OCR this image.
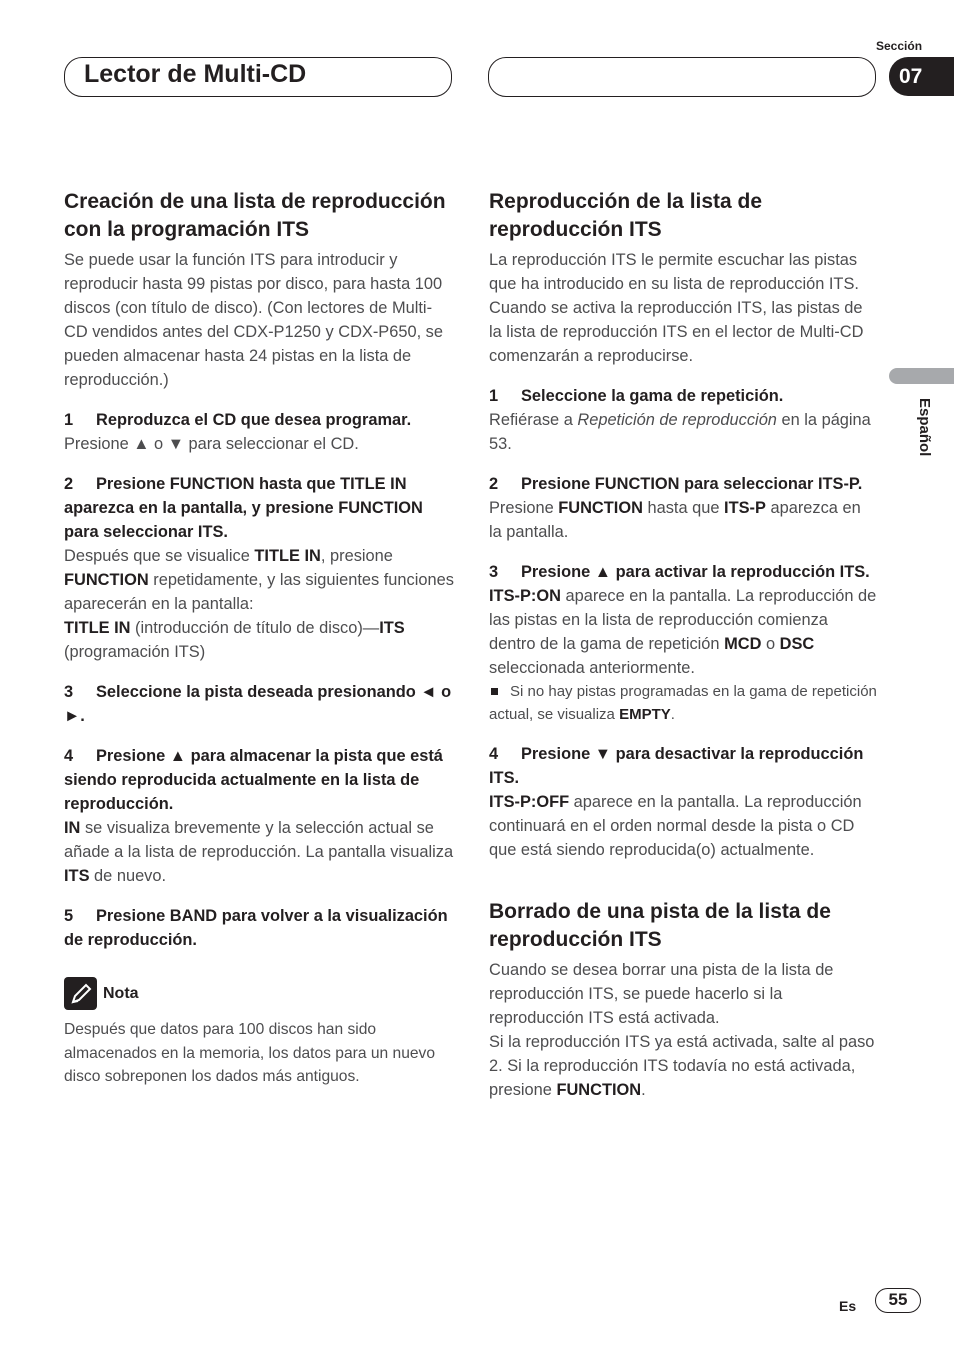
Lector de Multi-CD
Sección
07
Español

Creación de una lista de reproducción con la programación ITS

Se puede usar la función ITS para introducir y reproducir hasta 99 pistas por disco, para hasta 100 discos (con título de disco). (Con lectores de Multi-CD vendidos antes del CDX-P1250 y CDX-P650, se pueden almacenar hasta 24 pistas en la lista de reproducción.)

1 Reproduzca el CD que desea programar.

Presione ▲ o ▼ para seleccionar el CD.

2 Presione FUNCTION hasta que TITLE IN aparezca en la pantalla, y presione FUNCTION para seleccionar ITS.

Después que se visualice TITLE IN, presione FUNCTION repetidamente, y las siguientes funciones aparecerán en la pantalla:
TITLE IN (introducción de título de disco)—ITS (programación ITS)

3 Seleccione la pista deseada presionando ◄ o ►.

4 Presione ▲ para almacenar la pista que está siendo reproducida actualmente en la lista de reproducción.

IN se visualiza brevemente y la selección actual se añade a la lista de reproducción. La pantalla visualiza ITS de nuevo.

5 Presione BAND para volver a la visualización de reproducción.

Nota
Después que datos para 100 discos han sido almacenados en la memoria, los datos para un nuevo disco sobreponen los dados más antiguos.

Reproducción de la lista de reproducción ITS

La reproducción ITS le permite escuchar las pistas que ha introducido en su lista de reproducción ITS. Cuando se activa la reproducción ITS, las pistas de la lista de reproducción ITS en el lector de Multi-CD comenzarán a reproducirse.

1 Seleccione la gama de repetición.

Refiérase a Repetición de reproducción en la página 53.

2 Presione FUNCTION para seleccionar ITS-P.

Presione FUNCTION hasta que ITS-P aparezca en la pantalla.

3 Presione ▲ para activar la reproducción ITS.

ITS-P:ON aparece en la pantalla. La reproducción de las pistas en la lista de reproducción comienza dentro de la gama de repetición MCD o DSC seleccionada anteriormente.

Si no hay pistas programadas en la gama de repetición actual, se visualiza EMPTY.

4 Presione ▼ para desactivar la reproducción ITS.

ITS-P:OFF aparece en la pantalla. La reproducción continuará en el orden normal desde la pista o CD que está siendo reproducida(o) actualmente.

Borrado de una pista de la lista de reproducción ITS

Cuando se desea borrar una pista de la lista de reproducción ITS, se puede hacerlo si la reproducción ITS está activada.

Si la reproducción ITS ya está activada, salte al paso 2. Si la reproducción ITS todavía no está activada, presione FUNCTION.

Es	55
